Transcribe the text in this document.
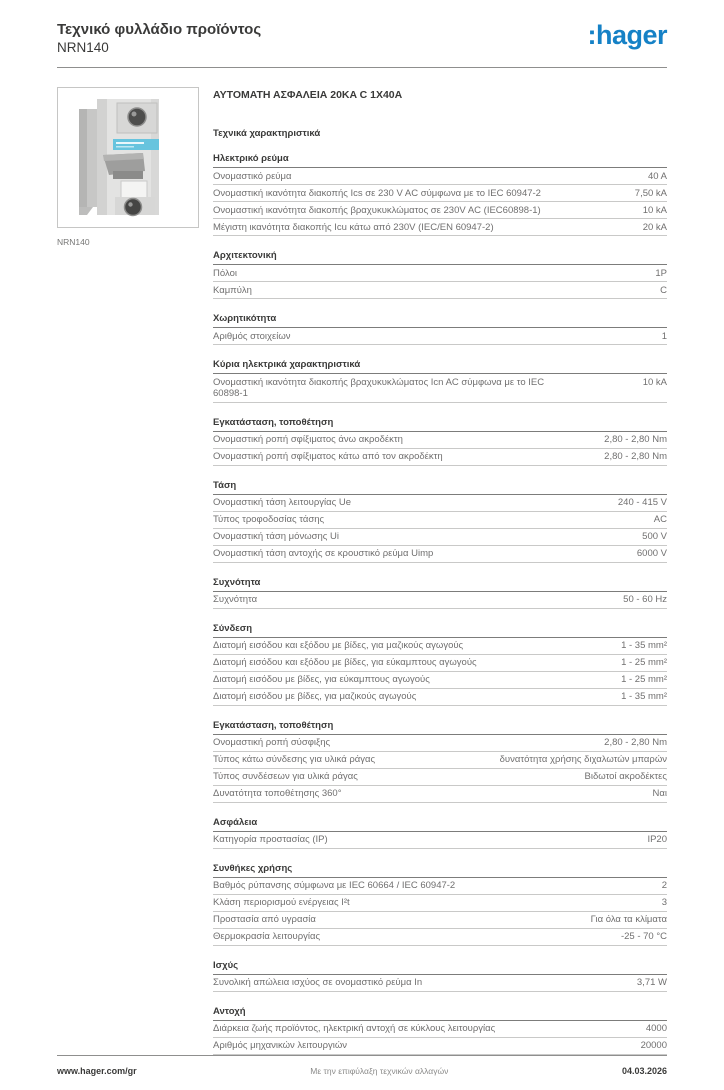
Τεχνικό φυλλάδιο προϊόντος
NRN140	:hager
NRN140
ΑΥΤΟΜΑΤΗ ΑΣΦΑΛΕΙΑ 20KA C 1X40A
Τεχνικά χαρακτηριστικά
Ηλεκτρικό ρεύμα
Ονομαστικό ρεύμα	40 A
Ονομαστική ικανότητα διακοπής Ics σε 230 V AC σύμφωνα με το IEC 60947-2	7,50 kA
Ονομαστική ικανότητα διακοπής βραχυκυκλώματος σε 230V AC (IEC60898-1)	10 kA
Μέγιστη ικανότητα διακοπής Icu κάτω από 230V (IEC/EN 60947-2)	20 kA
Αρχιτεκτονική
Πόλοι	1P
Καμπύλη	C
Χωρητικότητα
Αριθμός στοιχείων	1
Κύρια ηλεκτρικά χαρακτηριστικά
Ονομαστική ικανότητα διακοπής βραχυκυκλώματος Icn AC σύμφωνα με το IEC 60898-1
10 kA
Εγκατάσταση, τοποθέτηση
Ονομαστική ροπή σφίξιματος άνω ακροδέκτη	2,80 - 2,80 Nm
Ονομαστική ροπή σφίξιματος κάτω από τον ακροδέκτη	2,80 - 2,80 Nm
Τάση
Ονομαστική τάση λειτουργίας Ue	240 - 415 V
Τύπος τροφοδοσίας τάσης	AC
Ονομαστική τάση μόνωσης Ui	500 V
Ονομαστική τάση αντοχής σε κρουστικό ρεύμα Uimp	6000 V
Συχνότητα
Συχνότητα	50 - 60 Hz
Σύνδεση
Διατομή εισόδου και εξόδου με βίδες, για μαζικούς αγωγούς	1 - 35 mm²
Διατομή εισόδου και εξόδου με βίδες, για εύκαμπτους αγωγούς	1 - 25 mm²
Διατομή εισόδου με βίδες, για εύκαμπτους αγωγούς	1 - 25 mm²
Διατομή εισόδου με βίδες, για μαζικούς αγωγούς	1 - 35 mm²
Εγκατάσταση, τοποθέτηση
Ονομαστική ροπή σύσφιξης	2,80 - 2,80 Nm
Τύπος κάτω σύνδεσης για υλικά ράγας	δυνατότητα χρήσης διχαλωτών μπαρών
Τύπος συνδέσεων για υλικά ράγας	Βιδωτοί ακροδέκτες
Δυνατότητα τοποθέτησης 360°	Ναι
Ασφάλεια
Κατηγορία προστασίας (IP)	IP20
Συνθήκες χρήσης
Βαθμός ρύπανσης σύμφωνα με IEC 60664 / IEC 60947-2	2
Κλάση περιορισμού ενέργειας I²t	3
Προστασία από υγρασία	Για όλα τα κλίματα
Θερμοκρασία λειτουργίας	-25 - 70 °C
Ισχύς
Συνολική απώλεια ισχύος σε ονομαστικό ρεύμα In	3,71 W
Αντοχή
Διάρκεια ζωής προϊόντος, ηλεκτρική αντοχή σε κύκλους λειτουργίας	4000
Αριθμός μηχανικών λειτουργιών	20000
www.hager.com/gr	Με την επιφύλαξη τεχνικών αλλαγών	04.03.2026
